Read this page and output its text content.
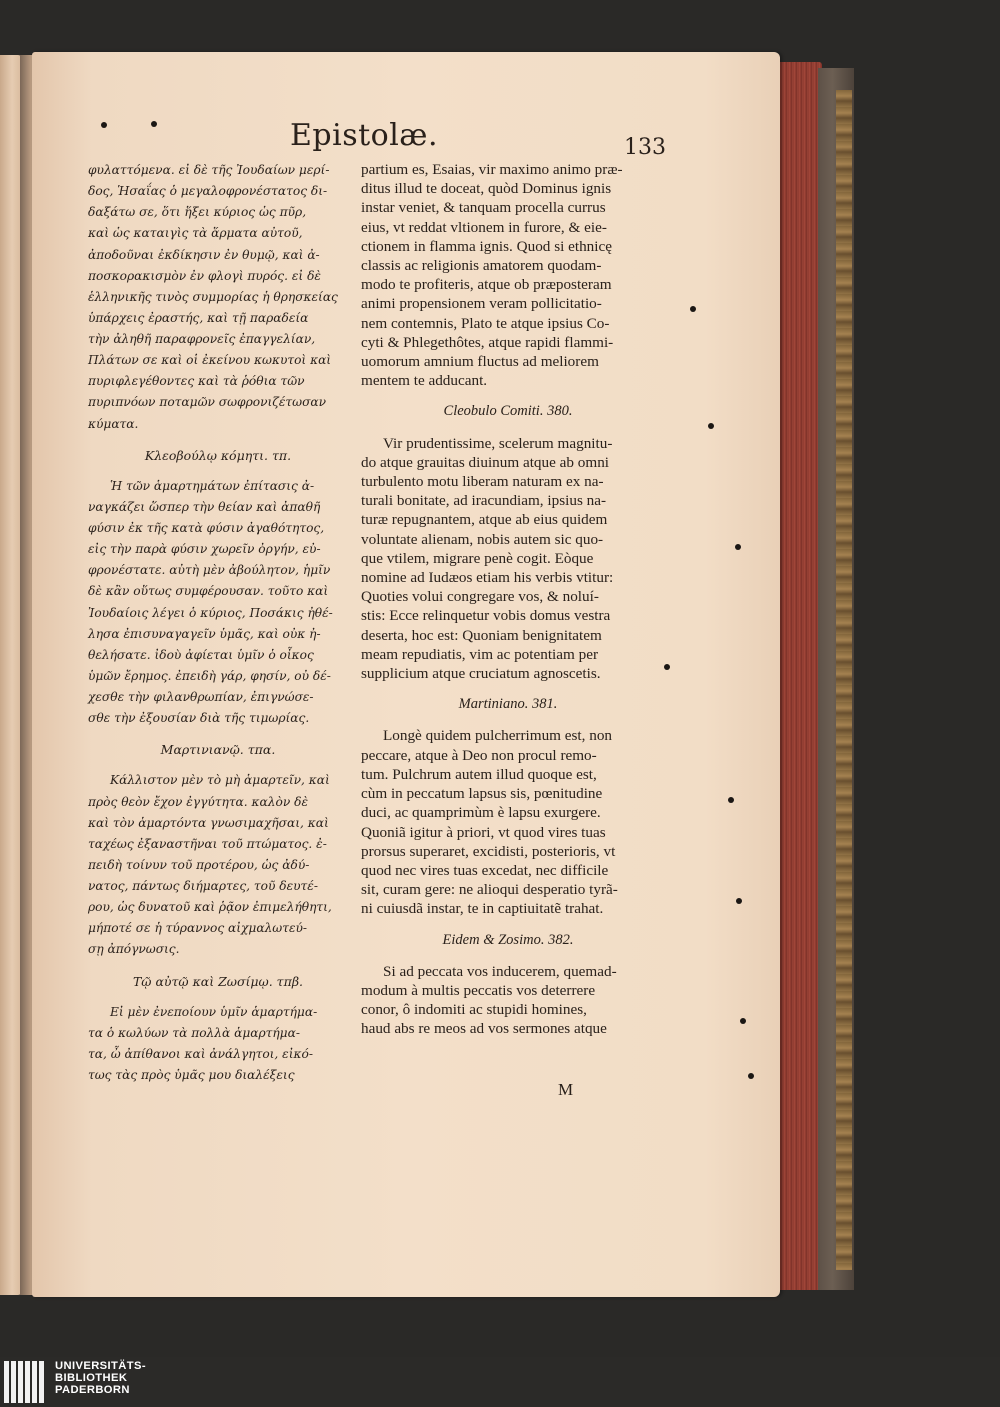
Epistolæ.	133

φυλαττόμενα. εἰ δὲ τῆς Ἰουδαίων μερί-
δος, Ἡσαΐας ὁ μεγαλοφρονέστατος δι-
δαξάτω σε, ὅτι ἥξει κύριος ὡς πῦρ,
καὶ ὡς καταιγὶς τὰ ἅρματα αὐτοῦ,
ἀποδοῦναι ἐκδίκησιν ἐν θυμῷ, καὶ ἀ-
ποσκορακισμὸν ἐν φλογὶ πυρός. εἰ δὲ
ἑλληνικῆς τινὸς συμμορίας ἡ θρησκείας
ὑπάρχεις ἐραστής, καὶ τῇ παραδεία
τὴν ἀληθῆ παραφρονεῖς ἐπαγγελίαν,
Πλάτων σε καὶ οἱ ἐκείνου κωκυτοὶ καὶ
πυριφλεγέθοντες καὶ τὰ ῥόθια τῶν
πυριπνόων ποταμῶν σωφρονιζέτωσαν
κύματα.

Κλεοβούλῳ κόμητι. τπ.

Ἡ τῶν ἁμαρτημάτων ἐπίτασις ἀ-
ναγκάζει ὥσπερ τὴν θείαν καὶ ἀπαθῆ
φύσιν ἐκ τῆς κατὰ φύσιν ἀγαθότητος,
εἰς τὴν παρὰ φύσιν χωρεῖν ὀργήν, εὐ-
φρονέστατε. αὐτὴ μὲν ἀβούλητον, ἡμῖν
δὲ κἂν οὕτως συμφέρουσαν. τοῦτο καὶ
Ἰουδαίοις λέγει ὁ κύριος, Ποσάκις ἠθέ-
λησα ἐπισυναγαγεῖν ὑμᾶς, καὶ οὐκ ἠ-
θελήσατε. ἰδοὺ ἀφίεται ὑμῖν ὁ οἶκος
ὑμῶν ἔρημος. ἐπειδὴ γάρ, φησίν, οὐ δέ-
χεσθε τὴν φιλανθρωπίαν, ἐπιγνώσε-
σθε τὴν ἐξουσίαν διὰ τῆς τιμωρίας.

Μαρτινιανῷ. τπα.

Κάλλιστον μὲν τὸ μὴ ἁμαρτεῖν, καὶ
πρὸς θεὸν ἔχον ἐγγύτητα. καλὸν δὲ
καὶ τὸν ἁμαρτόντα γνωσιμαχῆσαι, καὶ
ταχέως ἐξαναστῆναι τοῦ πτώματος. ἐ-
πειδὴ τοίνυν τοῦ προτέρου, ὡς ἀδύ-
νατος, πάντως διήμαρτες, τοῦ δευτέ-
ρου, ὡς δυνατοῦ καὶ ῥᾷον ἐπιμελήθητι,
μήποτέ σε ἡ τύραννος αἰχμαλωτεύ-
σῃ ἀπόγνωσις.

Τῷ αὐτῷ καὶ Ζωσίμῳ. τπβ.

Εἰ μὲν ἐνεποίουν ὑμῖν ἁμαρτήμα-
τα ὁ κωλύων τὰ πολλὰ ἁμαρτήμα-
τα, ὦ ἀπίθανοι καὶ ἀνάλγητοι, εἰκό-
τως τὰς πρὸς ὑμᾶς μου διαλέξεις

partium es, Esaias, vir maximo animo præ-
ditus illud te doceat, quòd Dominus ignis
instar veniet, & tanquam procella currus
eius, vt reddat vltionem in furore, & eie-
ctionem in flamma ignis. Quod si ethnicę
classis ac religionis amatorem quodam-
modo te profiteris, atque ob præposteram
animi propensionem veram pollicitatio-
nem contemnis, Plato te atque ipsius Co-
cyti & Phlegethôtes, atque rapidi flammi-
uomorum amnium fluctus ad meliorem
mentem te adducant.

Cleobulo Comiti. 380.

Vir prudentissime, scelerum magnitu-
do atque grauitas diuinum atque ab omni
turbulento motu liberam naturam ex na-
turali bonitate, ad iracundiam, ipsius na-
turæ repugnantem, atque ab eius quidem
voluntate alienam, nobis autem sic quo-
que vtilem, migrare penè cogit. Eòque
nomine ad Iudæos etiam his verbis vtitur:
Quoties volui congregare vos, & noluí-
stis: Ecce relinquetur vobis domus vestra
deserta, hoc est: Quoniam benignitatem
meam repudiatis, vim ac potentiam per
supplicium atque cruciatum agnoscetis.

Martiniano. 381.

Longè quidem pulcherrimum est, non
peccare, atque à Deo non procul remo-
tum. Pulchrum autem illud quoque est,
cùm in peccatum lapsus sis, pœnitudine
duci, ac quamprimùm è lapsu exurgere.
Quoniã igitur à priori, vt quod vires tuas
prorsus superaret, excidisti, posterioris, vt
quod nec vires tuas excedat, nec difficile
sit, curam gere: ne alioqui desperatio tyrã-
ni cuiusdã instar, te in captiuitatẽ trahat.

Eidem & Zosimo. 382.

Si ad peccata vos inducerem, quemad-
modum à multis peccatis vos deterrere
conor, ô indomiti ac stupidi homines,
haud abs re meos ad vos sermones atque

M
UNIVERSITÄTS-
BIBLIOTHEK
PADERBORN
